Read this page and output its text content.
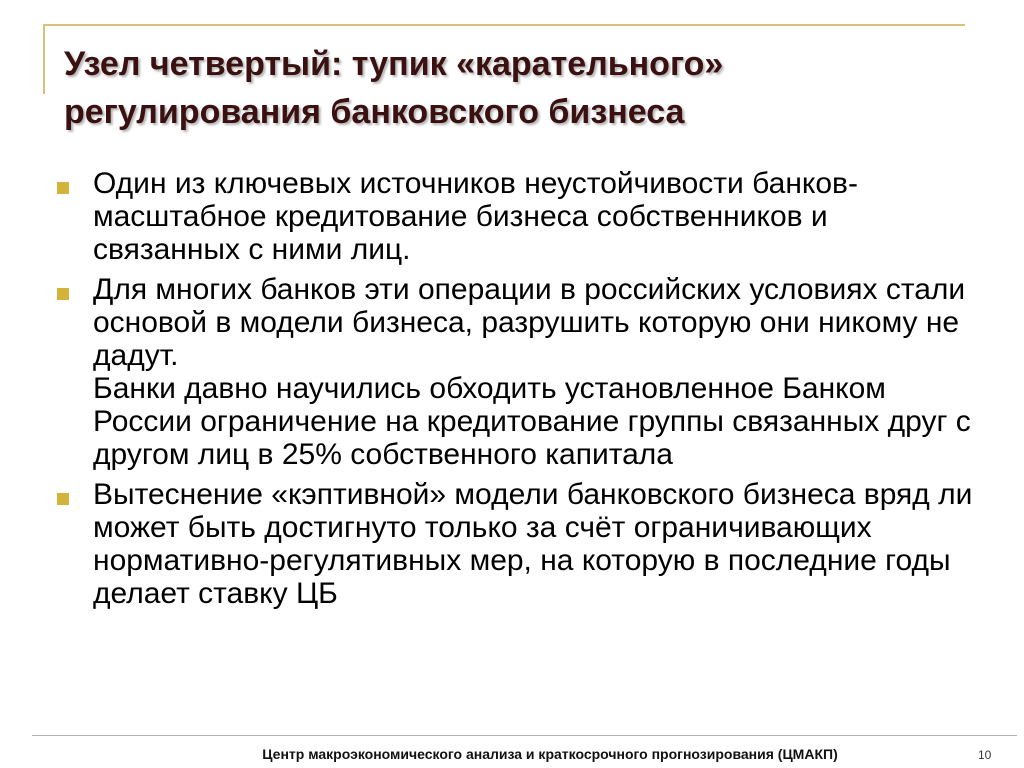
Узел четвертый: тупик «карательного»
регулирования банковского бизнеса
Один из ключевых источников неустойчивости банков- масштабное кредитование бизнеса собственников и связанных с ними лиц.
Для многих банков эти операции в российских условиях стали основой в модели бизнеса, разрушить которую они никому не дадут.
Банки давно научились обходить установленное Банком России ограничение на кредитование группы связанных друг с другом лиц в 25% собственного капитала
Вытеснение «кэптивной» модели банковского бизнеса вряд ли может быть достигнуто только за счёт ограничивающих нормативно-регулятивных мер, на которую в последние годы делает ставку ЦБ
Центр макроэкономического анализа и краткосрочного прогнозирования (ЦМАКП)	10
